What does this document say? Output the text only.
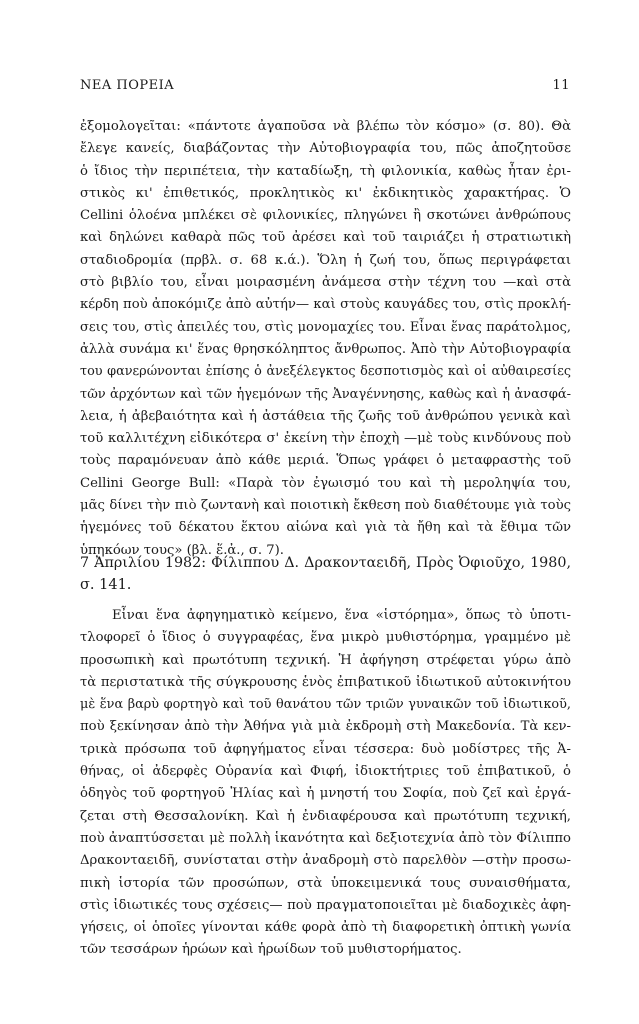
ΝΕΑ ΠΟΡΕΙΑ	11
ἐξομολογεῖται: «πάντοτε ἀγαποῦσα νὰ βλέπω τὸν κόσμο» (σ. 80). Θὰ
ἔλεγε κανείς, διαβάζοντας τὴν Αὐτοβιογραφία του, πῶς ἀποζητοῦσε
ὁ ἴδιος τὴν περιπέτεια, τὴν καταδίωξη, τὴ φιλονικία, καθὼς ἦταν ἐρι-
στικὸς κι' ἐπιθετικός, προκλητικὸς κι' ἐκδικητικὸς χαρακτήρας. Ὁ
Cellini ὁλοένα μπλέκει σὲ φιλονικίες, πληγώνει ἢ σκοτώνει ἀνθρώπους
καὶ δηλώνει καθαρὰ πῶς τοῦ ἀρέσει καὶ τοῦ ταιριάζει ἡ στρατιωτικὴ
σταδιοδρομία (πρβλ. σ. 68 κ.ά.). Ὅλη ἡ ζωή του, ὅπως περιγράφεται
στὸ βιβλίο του, εἶναι μοιρασμένη ἀνάμεσα στὴν τέχνη του —καὶ στὰ
κέρδη ποὺ ἀποκόμιζε ἀπὸ αὐτήν— καὶ στοὺς καυγάδες του, στὶς προκλή-
σεις του, στὶς ἀπειλές του, στὶς μονομαχίες του. Εἶναι ἕνας παράτολμος,
ἀλλὰ συνάμα κι' ἕνας θρησκόληπτος ἄνθρωπος. Ἀπὸ τὴν Αὐτοβιογραφία
του φανερώνονται ἐπίσης ὁ ἀνεξέλεγκτος δεσποτισμὸς καὶ οἱ αὐθαιρεσίες
τῶν ἀρχόντων καὶ τῶν ἡγεμόνων τῆς Ἀναγέννησης, καθὼς καὶ ἡ ἀνασφά-
λεια, ἡ ἀβεβαιότητα καὶ ἡ ἀστάθεια τῆς ζωῆς τοῦ ἀνθρώπου γενικὰ καὶ
τοῦ καλλιτέχνη εἰδικότερα σ' ἐκείνη τὴν ἐποχὴ —μὲ τοὺς κινδύνους ποὺ
τοὺς παραμόνευαν ἀπὸ κάθε μεριά. Ὅπως γράφει ὁ μεταφραστὴς τοῦ
Cellini George Bull: «Παρὰ τὸν ἐγωισμό του καὶ τὴ μεροληψία του,
μᾶς δίνει τὴν πιὸ ζωντανὴ καὶ ποιοτικὴ ἔκθεση ποὺ διαθέτουμε γιὰ τοὺς
ἡγεμόνες τοῦ δέκατου ἕκτου αἰώνα καὶ γιὰ τὰ ἤθη καὶ τὰ ἔθιμα τῶν
ὑπηκόων τους» (βλ. ἕ.ἀ., σ. 7).
7 Ἀπριλίου 1982: Φίλιππου Δ. Δρακονταειδῆ, Πρὸς Ὀφιοῦχο, 1980,
σ. 141.
Εἶναι ἕνα ἀφηγηματικὸ κείμενο, ἕνα «ἱστόρημα», ὅπως τὸ ὑποτι-
τλοφορεῖ ὁ ἴδιος ὁ συγγραφέας, ἕνα μικρὸ μυθιστόρημα, γραμμένο μὲ
προσωπικὴ καὶ πρωτότυπη τεχνική. Ἡ ἀφήγηση στρέφεται γύρω ἀπὸ
τὰ περιστατικὰ τῆς σύγκρουσης ἑνὸς ἐπιβατικοῦ ἰδιωτικοῦ αὐτοκινήτου
μὲ ἕνα βαρὺ φορτηγὸ καὶ τοῦ θανάτου τῶν τριῶν γυναικῶν τοῦ ἰδιωτικοῦ,
ποὺ ξεκίνησαν ἀπὸ τὴν Ἀθήνα γιὰ μιὰ ἐκδρομὴ στὴ Μακεδονία. Τὰ κεν-
τρικὰ πρόσωπα τοῦ ἀφηγήματος εἶναι τέσσερα: δυὸ μοδίστρες τῆς Ἀ-
θήνας, οἱ ἀδερφὲς Οὐρανία καὶ Φιφή, ἰδιοκτήτριες τοῦ ἐπιβατικοῦ, ὁ
ὁδηγὸς τοῦ φορτηγοῦ Ἠλίας καὶ ἡ μνηστή του Σοφία, ποὺ ζεῖ καὶ ἐργά-
ζεται στὴ Θεσσαλονίκη. Καὶ ἡ ἐνδιαφέρουσα καὶ πρωτότυπη τεχνική,
ποὺ ἀναπτύσσεται μὲ πολλὴ ἱκανότητα καὶ δεξιοτεχνία ἀπὸ τὸν Φίλιππο
Δρακονταειδῆ, συνίσταται στὴν ἀναδρομὴ στὸ παρελθὸν —στὴν προσω-
πικὴ ἱστορία τῶν προσώπων, στὰ ὑποκειμενικά τους συναισθήματα,
στὶς ἰδιωτικές τους σχέσεις— ποὺ πραγματοποιεῖται μὲ διαδοχικὲς ἀφη-
γήσεις, οἱ ὁποῖες γίνονται κάθε φορὰ ἀπὸ τὴ διαφορετικὴ ὀπτικὴ γωνία
τῶν τεσσάρων ἡρώων καὶ ἡρωίδων τοῦ μυθιστορήματος.
